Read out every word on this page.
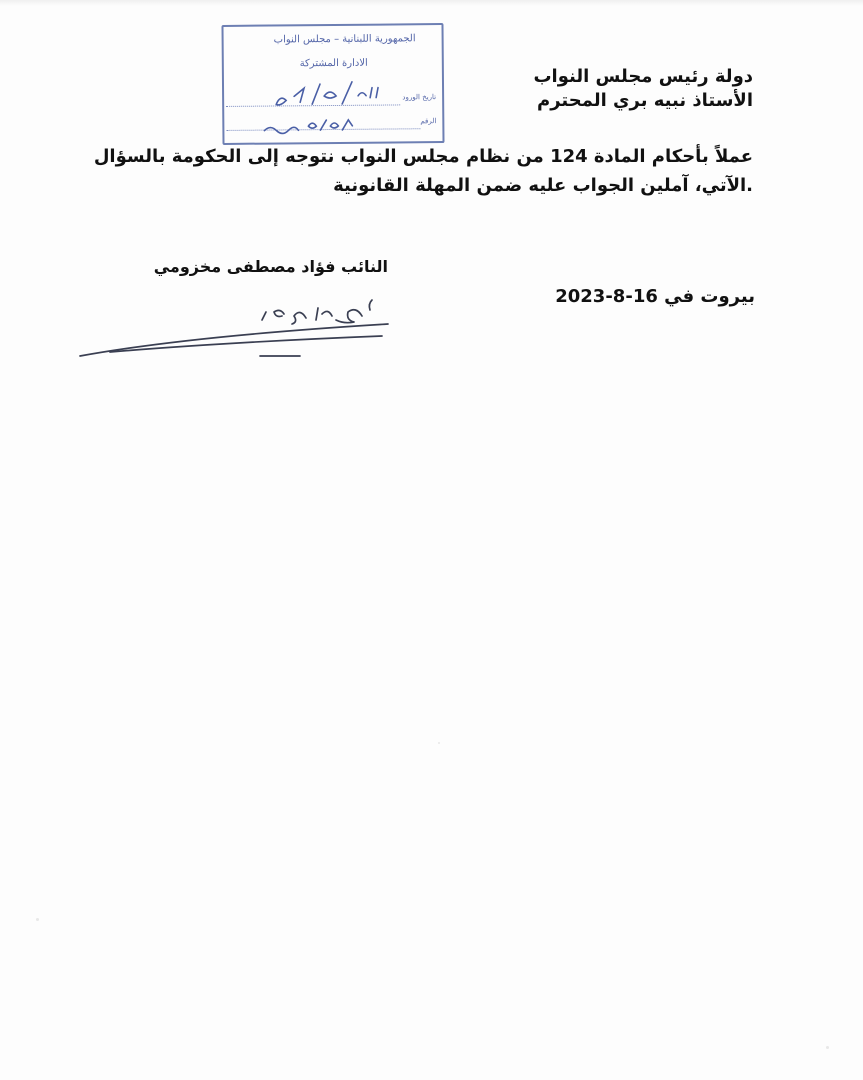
الجمهورية اللبنانية – مجلس النواب
الادارة المشتركة
تاريخ الورود
الرقم
دولة رئيس مجلس النواب
الأستاذ نبيه بري المحترم
عملاً بأحكام المادة 124 من نظام مجلس النواب نتوجه إلى الحكومة بالسؤال
.الآتي، آملين الجواب عليه ضمن المهلة القانونية
النائب فؤاد مصطفى مخزومي
بيروت في 16-8-2023
